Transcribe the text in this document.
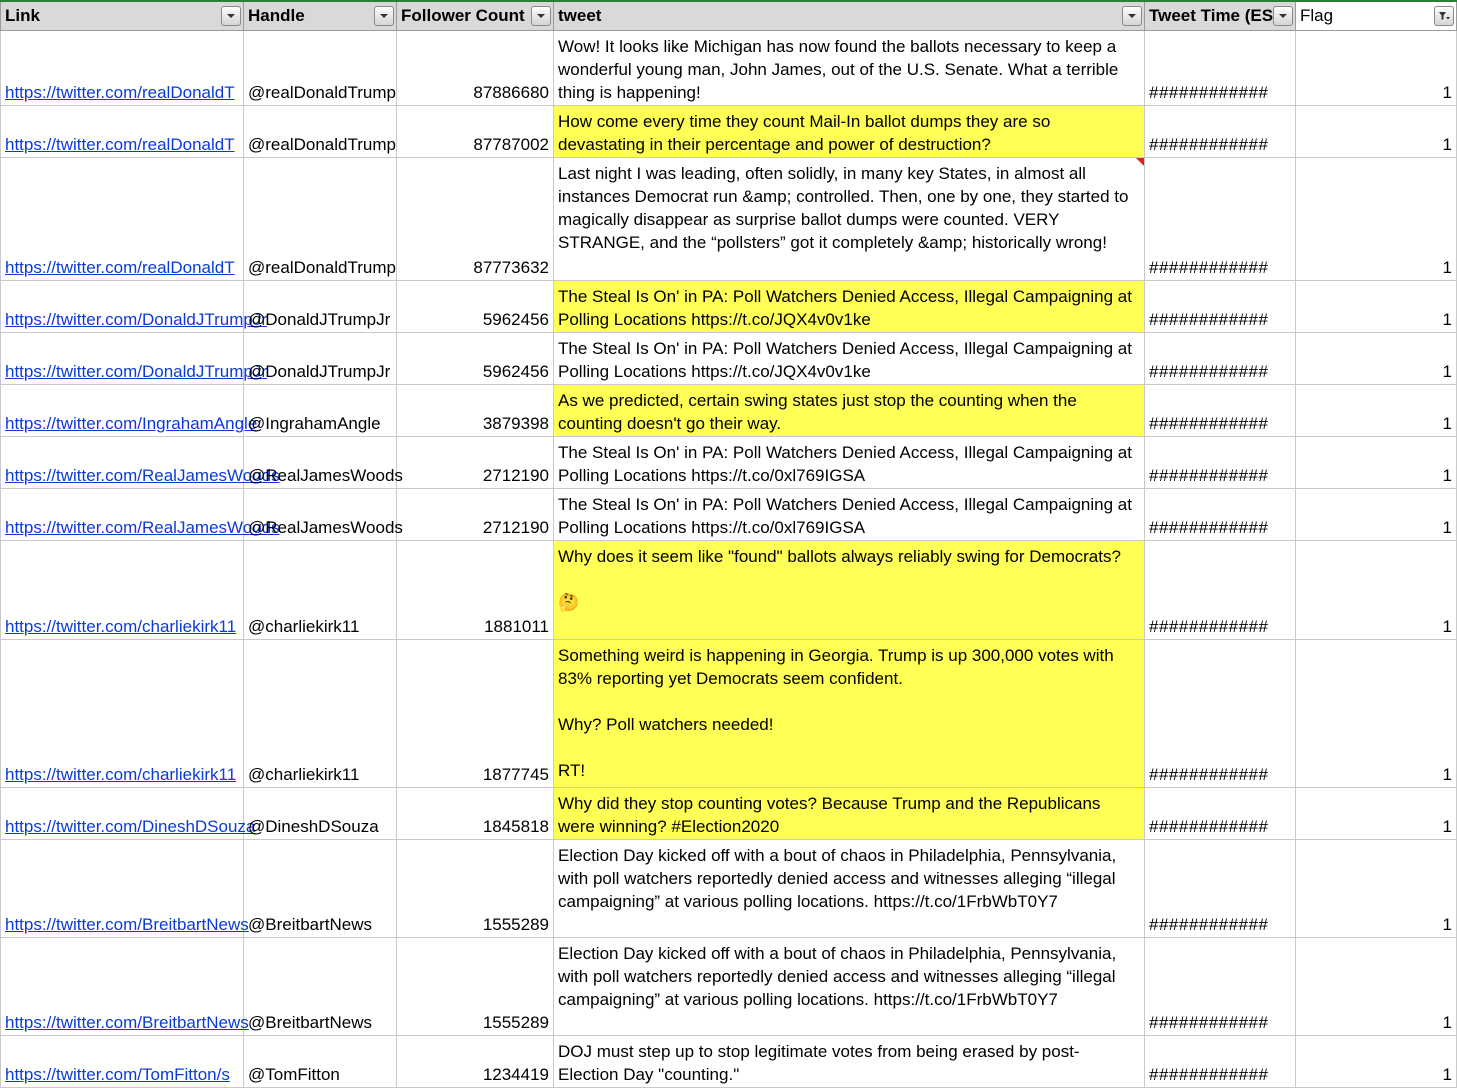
Link	Handle	Follower Count	tweet	Tweet Time (ES	Flag

https://twitter.com/realDonaldT	@realDonaldTrump	87886680	Wow! It looks like Michigan has now found the ballots necessary to keep a wonderful young man, John James, out of the U.S. Senate. What a terrible thing is happening!	############	1
https://twitter.com/realDonaldT	@realDonaldTrump	87787002	How come every time they count Mail-In ballot dumps they are so devastating in their percentage and power of destruction?	############	1
https://twitter.com/realDonaldT	@realDonaldTrump	87773632	Last night I was leading, often solidly, in many key States, in almost all instances Democrat run &amp; controlled. Then, one by one, they started to magically disappear as surprise ballot dumps were counted. VERY STRANGE, and the “pollsters” got it completely &amp; historically wrong!	############	1
https://twitter.com/DonaldJTrumpJr	@DonaldJTrumpJr	5962456	The Steal Is On' in PA: Poll Watchers Denied Access, Illegal Campaigning at Polling Locations https://t.co/JQX4v0v1ke	############	1
https://twitter.com/DonaldJTrumpJr	@DonaldJTrumpJr	5962456	The Steal Is On' in PA: Poll Watchers Denied Access, Illegal Campaigning at Polling Locations https://t.co/JQX4v0v1ke	############	1
https://twitter.com/IngrahamAngle	@IngrahamAngle	3879398	As we predicted, certain swing states just stop the counting when the counting doesn't go their way.	############	1
https://twitter.com/RealJamesWoods	@RealJamesWoods	2712190	The Steal Is On' in PA: Poll Watchers Denied Access, Illegal Campaigning at Polling Locations https://t.co/0xl769IGSA	############	1
https://twitter.com/RealJamesWoods	@RealJamesWoods	2712190	The Steal Is On' in PA: Poll Watchers Denied Access, Illegal Campaigning at Polling Locations https://t.co/0xl769IGSA	############	1
https://twitter.com/charliekirk11	@charliekirk11	1881011	Why does it seem like "found" ballots always reliably swing for Democrats?

🤔	############	1
https://twitter.com/charliekirk11	@charliekirk11	1877745	Something weird is happening in Georgia. Trump is up 300,000 votes with 83% reporting yet Democrats seem confident.

Why? Poll watchers needed!

RT!	############	1
https://twitter.com/DineshDSouza	@DineshDSouza	1845818	Why did they stop counting votes? Because Trump and the Republicans were winning? #Election2020	############	1
https://twitter.com/BreitbartNews	@BreitbartNews	1555289	Election Day kicked off with a bout of chaos in Philadelphia, Pennsylvania, with poll watchers reportedly denied access and witnesses alleging “illegal campaigning” at various polling locations. https://t.co/1FrbWbT0Y7	############	1
https://twitter.com/BreitbartNews	@BreitbartNews	1555289	Election Day kicked off with a bout of chaos in Philadelphia, Pennsylvania, with poll watchers reportedly denied access and witnesses alleging “illegal campaigning” at various polling locations. https://t.co/1FrbWbT0Y7	############	1
https://twitter.com/TomFitton/s	@TomFitton	1234419	DOJ must step up to stop legitimate votes from being erased by post-Election Day "counting."	############	1
